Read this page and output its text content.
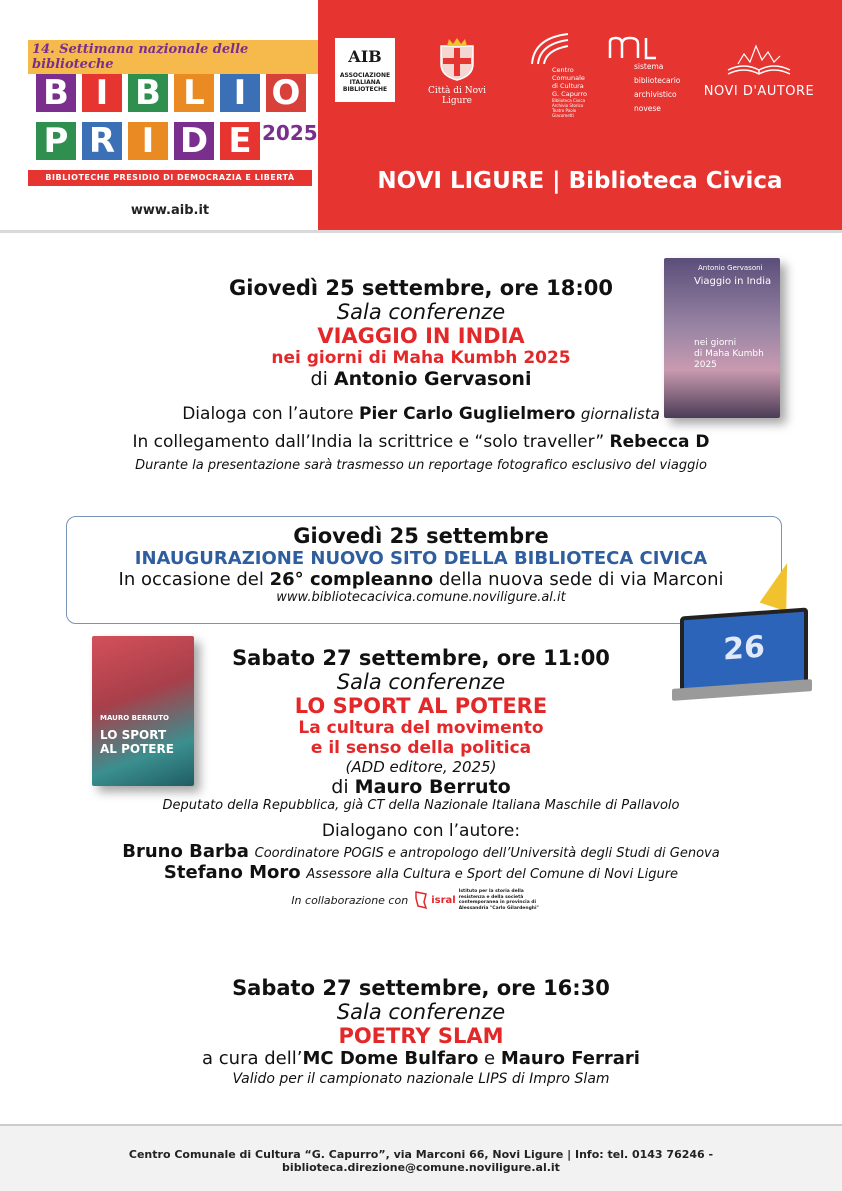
14. Settimana nazionale delle biblioteche
B I B L I O
P R I D E 2025
BIBLIOTECHE PRESIDIO DI DEMOCRAZIA E LIBERTÀ
www.aib.it
AIB
ASSOCIAZIONE ITALIANA BIBLIOTECHE	Città di Novi Ligure
Centro Comunale di Cultura G. Capurro
Biblioteca Civica Archivio Storico Teatro Paolo Giacometti
sistema bibliotecario archivistico novese
NOVI D'AUTORE
NOVI LIGURE | Biblioteca Civica
Giovedì 25 settembre, ore 18:00
Sala conferenze
VIAGGIO IN INDIA
nei giorni di Maha Kumbh 2025
di Antonio Gervasoni
Dialoga con l’autore Pier Carlo Guglielmero giornalista
In collegamento dall’India la scrittrice e “solo traveller” Rebecca D
Durante la presentazione sarà trasmesso un reportage fotografico esclusivo del viaggio
Antonio Gervasoni
Viaggio in India
nei giorni
di Maha Kumbh
2025
Giovedì 25 settembre
INAUGURAZIONE NUOVO SITO DELLA BIBLIOTECA CIVICA
In occasione del 26° compleanno della nuova sede di via Marconi
www.bibliotecacivica.comune.noviligure.al.it
26
MAURO BERRUTO
LO SPORT
AL POTERE
Sabato 27 settembre, ore 11:00
Sala conferenze
LO SPORT AL POTERE
La cultura del movimento
e il senso della politica
(ADD editore, 2025)
di Mauro Berruto
Deputato della Repubblica, già CT della Nazionale Italiana Maschile di Pallavolo
Dialogano con l’autore:
Bruno Barba Coordinatore POGIS e antropologo dell’Università degli Studi di Genova
Stefano Moro Assessore alla Cultura e Sport del Comune di Novi Ligure
In collaborazione con isral
Istituto per la storia della resistenza e della società contemporanea in provincia di Alessandria "Carlo Gilardenghi"
Sabato 27 settembre, ore 16:30
Sala conferenze
POETRY SLAM
a cura dell’MC Dome Bulfaro e Mauro Ferrari
Valido per il campionato nazionale LIPS di Impro Slam
Centro Comunale di Cultura “G. Capurro”, via Marconi 66, Novi Ligure | Info: tel. 0143 76246 - biblioteca.direzione@comune.noviligure.al.it
